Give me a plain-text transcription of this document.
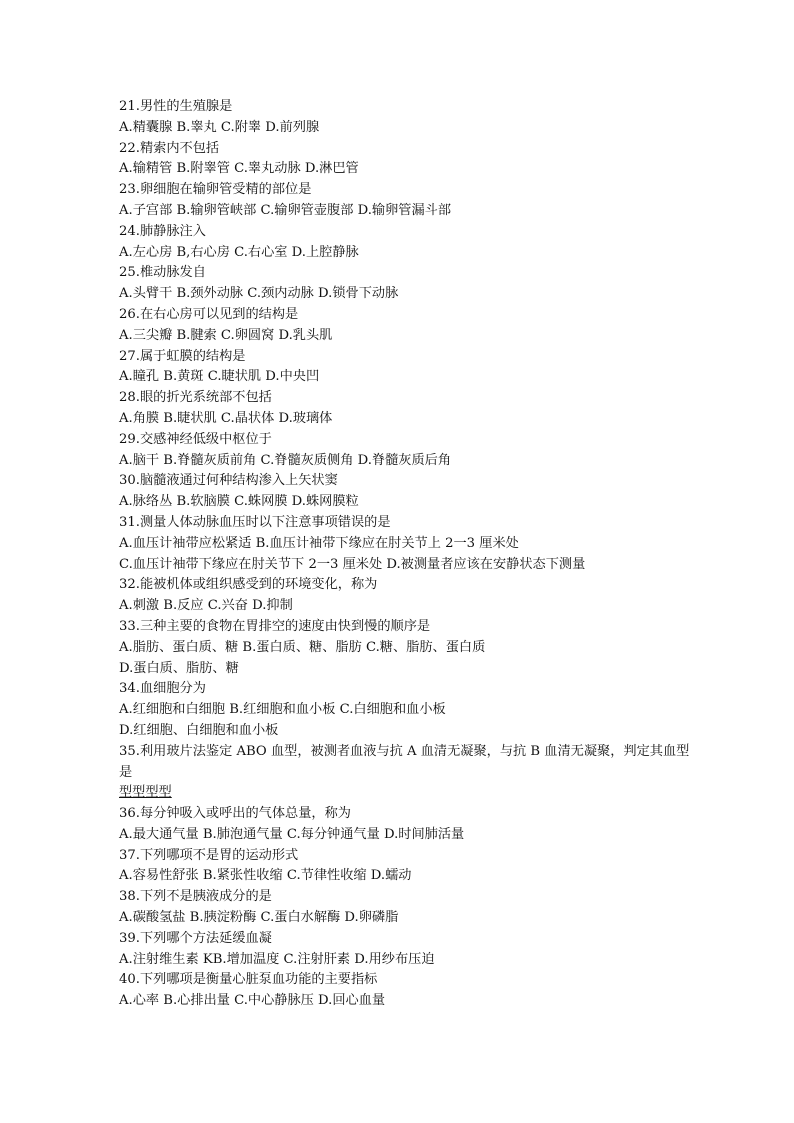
21.男性的生殖腺是
A.精囊腺 B.睾丸 C.附睾 D.前列腺
22.精索内不包括
A.输精管 B.附睾管 C.睾丸动脉 D.淋巴管
23.卵细胞在输卵管受精的部位是
A.子宫部 B.输卵管峡部 C.输卵管壶腹部 D.输卵管漏斗部
24.肺静脉注入
A.左心房 B,右心房 C.右心室 D.上腔静脉
25.椎动脉发自
A.头臂干 B.颈外动脉 C.颈内动脉 D.锁骨下动脉
26.在右心房可以见到的结构是
A.三尖瓣 B.腱索 C.卵圆窝 D.乳头肌
27.属于虹膜的结构是
A.瞳孔 B.黄斑 C.睫状肌 D.中央凹
28.眼的折光系统部不包括
A.角膜 B.睫状肌 C.晶状体 D.玻璃体
29.交感神经低级中枢位于
A.脑干 B.脊髓灰质前角 C.脊髓灰质侧角 D.脊髓灰质后角
30.脑髓液通过何种结构渗入上矢状窦
A.脉络丛 B.软脑膜 C.蛛网膜 D.蛛网膜粒
31.测量人体动脉血压时以下注意事项错误的是
A.血压计袖带应松紧适 B.血压计袖带下缘应在肘关节上 2一3 厘米处
C.血压计袖带下缘应在肘关节下 2一3 厘米处 D.被测量者应该在安静状态下测量
32.能被机体或组织感受到的环境变化，称为
A.刺激 B.反应 C.兴奋 D.抑制
33.三种主要的食物在胃排空的速度由快到慢的顺序是
A.脂肪、蛋白质、糖 B.蛋白质、糖、脂肪 C.糖、脂肪、蛋白质
D.蛋白质、脂肪、糖
34.血细胞分为
A.红细胞和白细胞 B.红细胞和血小板 C.白细胞和血小板
D.红细胞、白细胞和血小板
35.利用玻片法鉴定 ABO 血型，被测者血液与抗 A 血清无凝聚，与抗 B 血清无凝聚，判定其血型是
型型型型
36.每分钟吸入或呼出的气体总量，称为
A.最大通气量 B.肺泡通气量 C.每分钟通气量 D.时间肺活量
37.下列哪项不是胃的运动形式
A.容易性舒张 B.紧张性收缩 C.节律性收缩 D.蠕动
38.下列不是胰液成分的是
A.碳酸氢盐 B.胰淀粉酶 C.蛋白水解酶 D.卵磷脂
39.下列哪个方法延缓血凝
A.注射维生素 KB.增加温度 C.注射肝素 D.用纱布压迫
40.下列哪项是衡量心脏泵血功能的主要指标
A.心率 B.心排出量 C.中心静脉压 D.回心血量
